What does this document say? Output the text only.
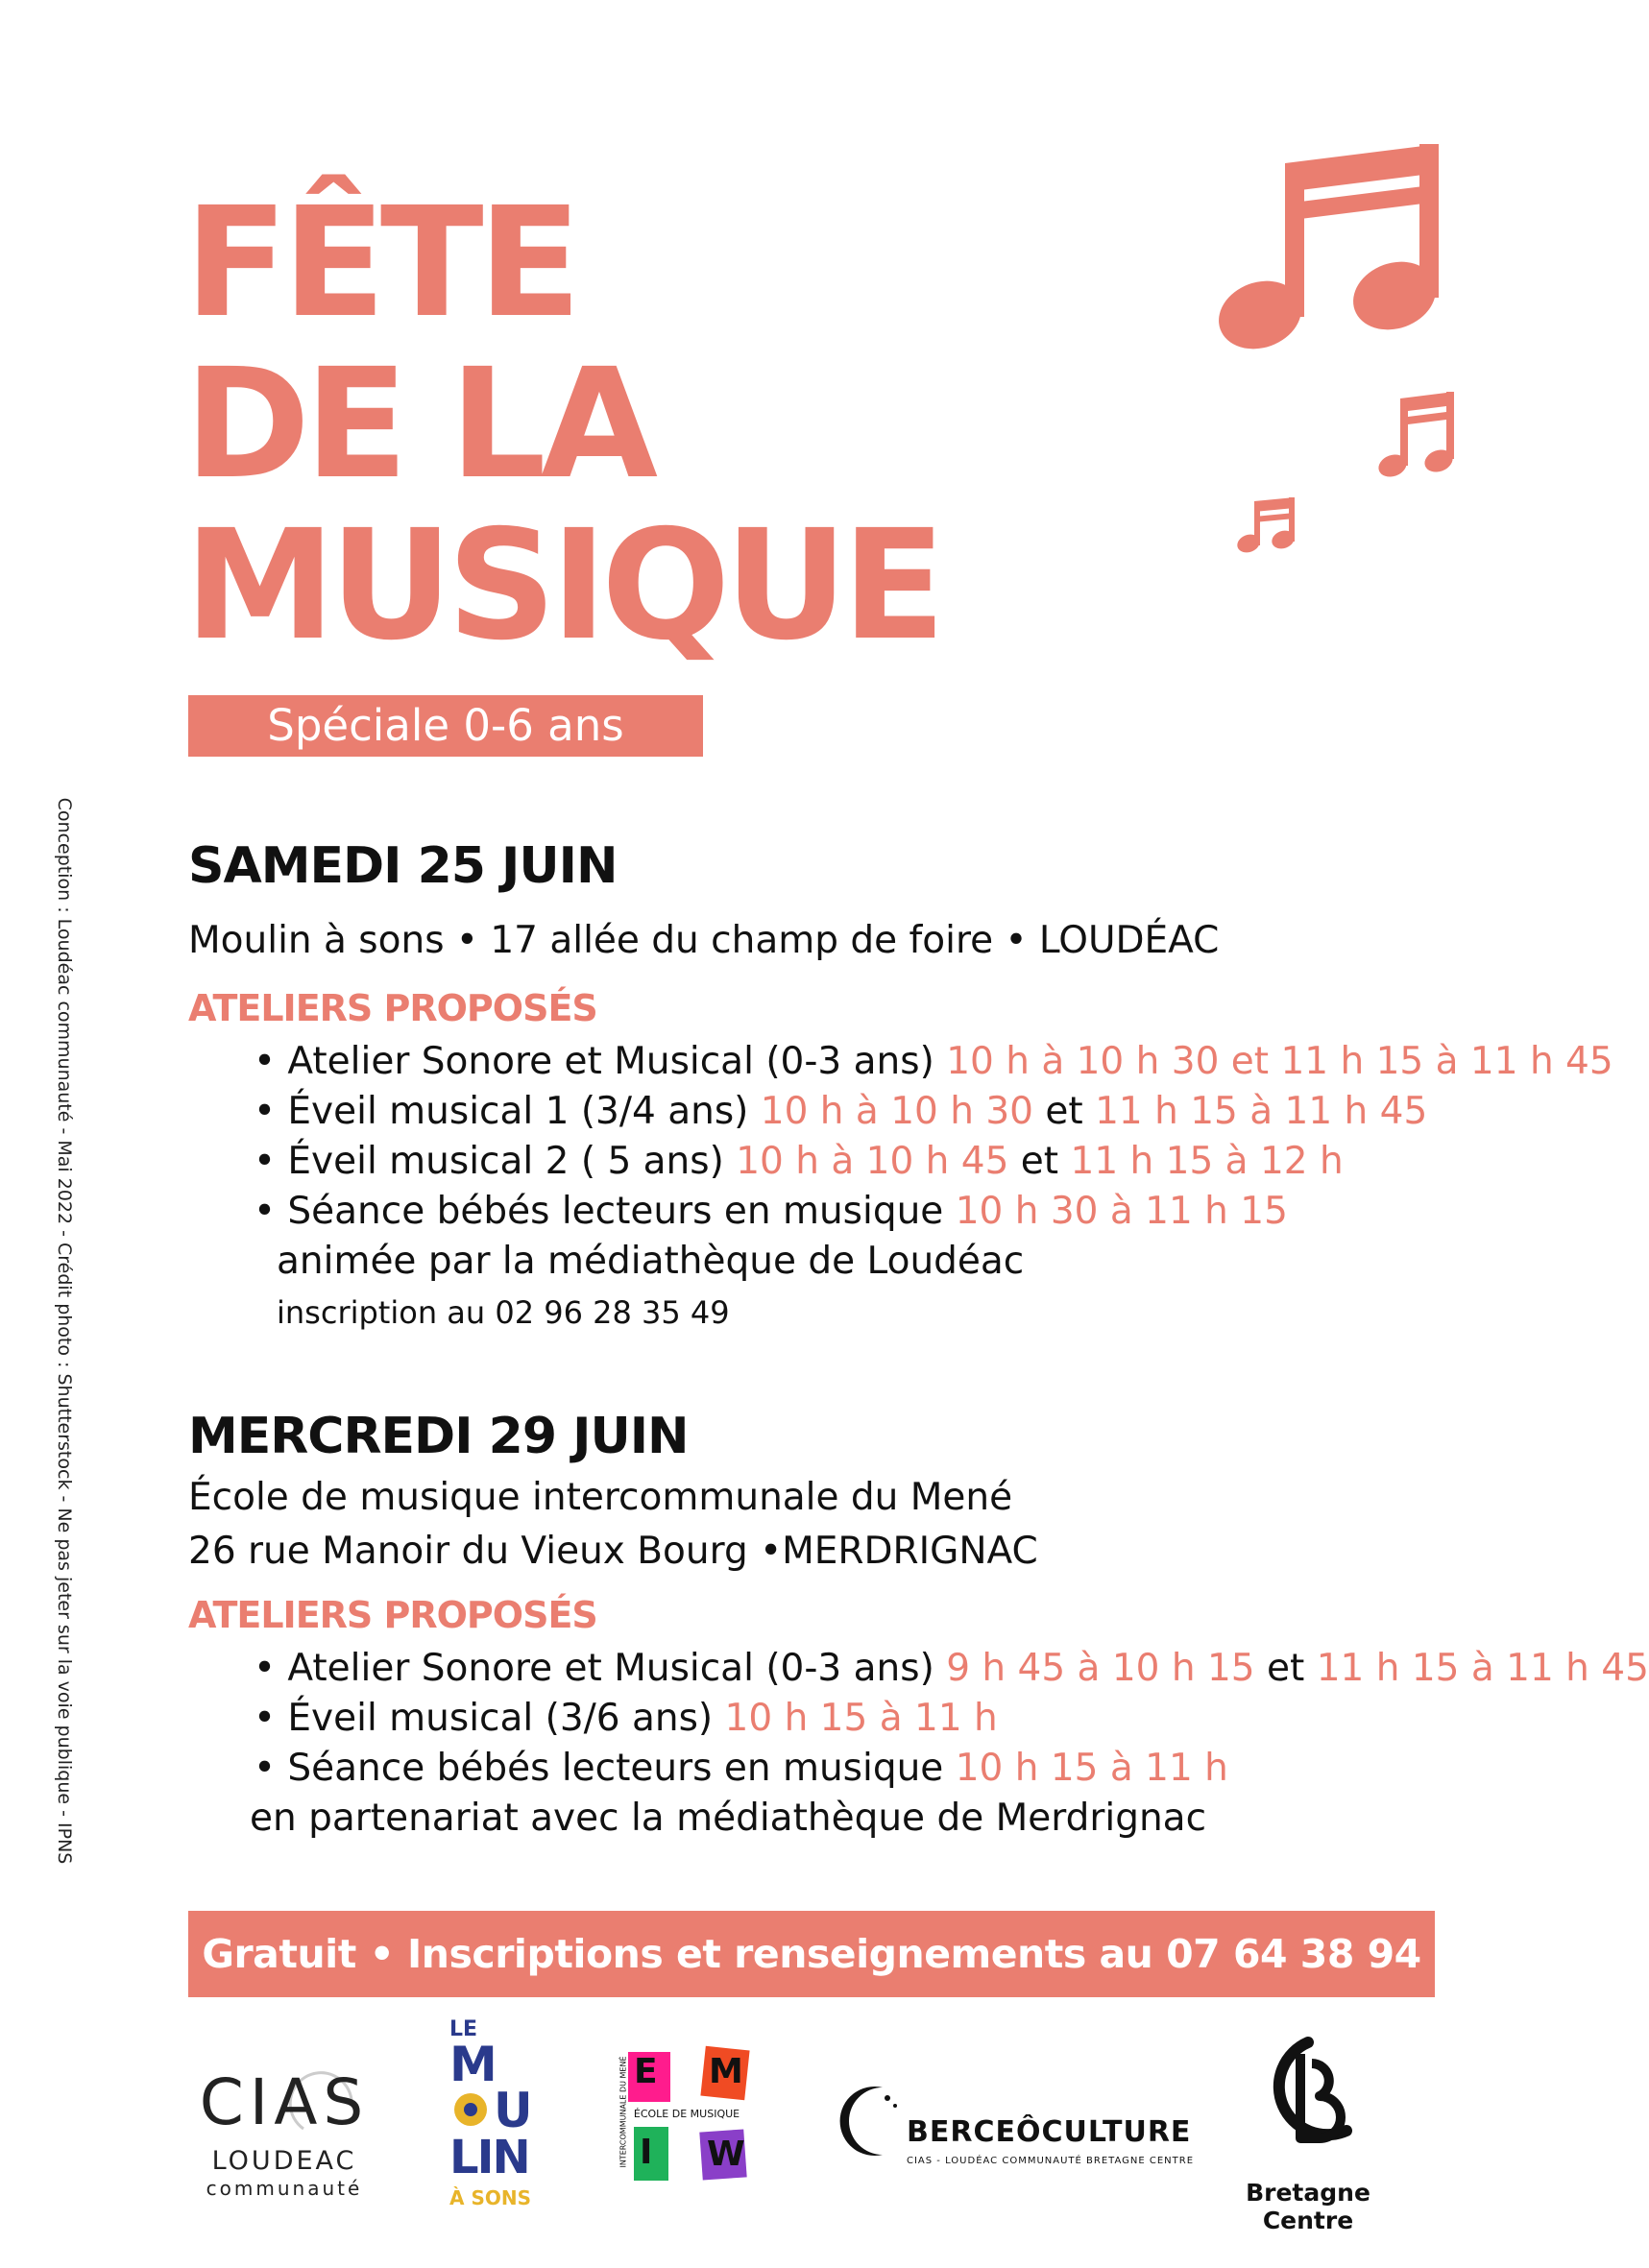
FÊTE
DE LA
MUSIQUE
Spéciale 0-6 ans
Conception : Loudéac communauté - Mai 2022 - Crédit photo : Shutterstock - Ne pas jeter sur la voie publique - IPNS SAMEDI 25 JUIN

Moulin à sons • 17 allée du champ de foire • LOUDÉAC

ATELIERS PROPOSÉS
• Atelier Sonore et Musical (0-3 ans) 10 h à 10 h 30 et 11 h 15 à 11 h 45
• Éveil musical 1 (3/4 ans) 10 h à 10 h 30 et 11 h 15 à 11 h 45
• Éveil musical 2 ( 5 ans) 10 h à 10 h 45 et 11 h 15 à 12 h
• Séance bébés lecteurs en musique 10 h 30 à 11 h 15
animée par la médiathèque de Loudéac
inscription au 02 96 28 35 49
MERCREDI 29 JUIN

École de musique intercommunale du Mené

26 rue Manoir du Vieux Bourg •MERDRIGNAC

ATELIERS PROPOSÉS
• Atelier Sonore et Musical (0-3 ans) 9 h 45 à 10 h 15 et 11 h 15 à 11 h 45
• Éveil musical (3/6 ans) 10 h 15 à 11 h
• Séance bébés lecteurs en musique 10 h 15 à 11 h
en partenariat avec la médiathèque de Merdrignac
Gratuit • Inscriptions et renseignements au 07 64 38 94 56
CIAS
LOUDEAC
communauté
LE
M
U
LIN
À SONS
E M
I W
ÉCOLE DE MUSIQUE
INTERCOMMUNALE DU MENÉ	BERCEÔCULTURE
CIAS - LOUDÉAC COMMUNAUTÉ BRETAGNE CENTRE
Bretagne Centre
